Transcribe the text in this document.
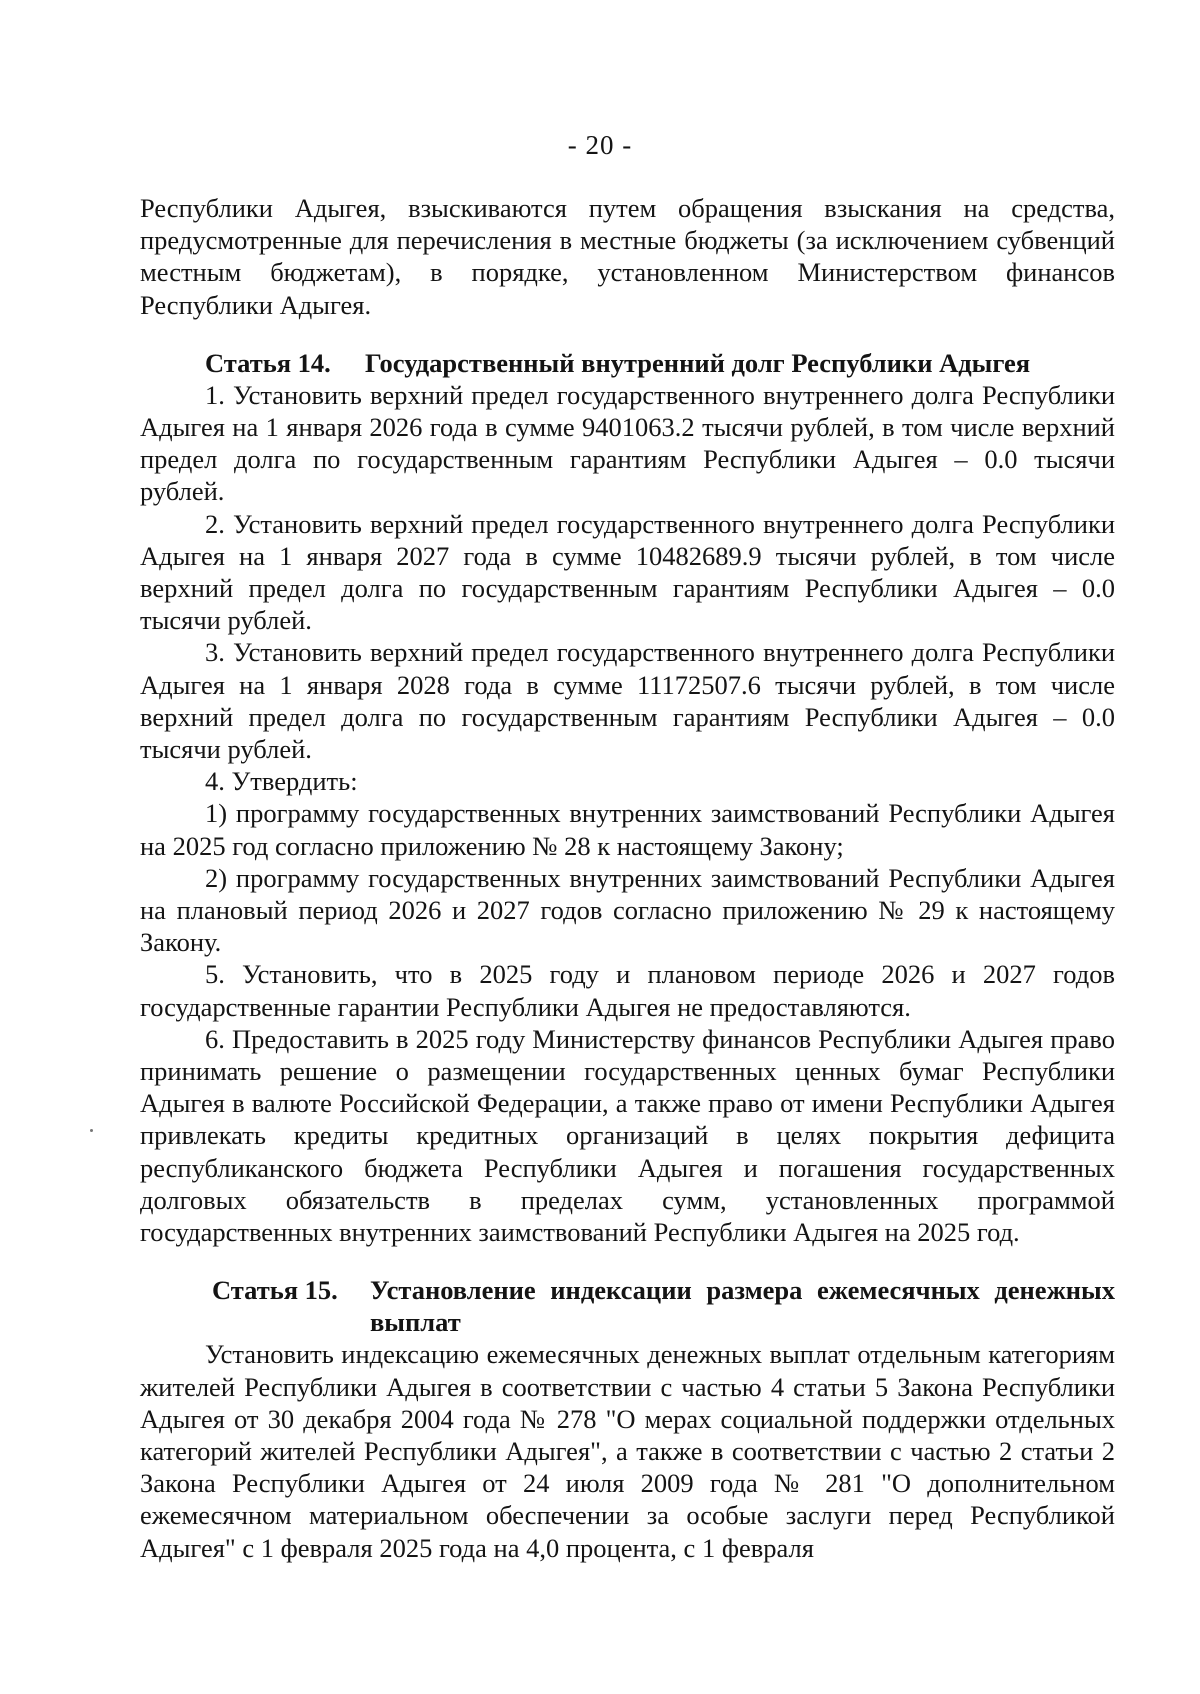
- 20 -

Республики Адыгея, взыскиваются путем обращения взыскания на средства, предусмотренные для перечисления в местные бюджеты (за исключением субвенций местным бюджетам), в порядке, установленном Министерством финансов Республики Адыгея.

Статья 14.	Государственный внутренний долг Республики Адыгея

1. Установить верхний предел государственного внутреннего долга Республики Адыгея на 1 января 2026 года в сумме 9401063.2 тысячи рублей, в том числе верхний предел долга по государственным гарантиям Республики Адыгея – 0.0 тысячи рублей.

2. Установить верхний предел государственного внутреннего долга Республики Адыгея на 1 января 2027 года в сумме 10482689.9 тысячи рублей, в том числе верхний предел долга по государственным гарантиям Республики Адыгея – 0.0 тысячи рублей.

3. Установить верхний предел государственного внутреннего долга Республики Адыгея на 1 января 2028 года в сумме 11172507.6 тысячи рублей, в том числе верхний предел долга по государственным гарантиям Республики Адыгея – 0.0 тысячи рублей.

4. Утвердить:

1) программу государственных внутренних заимствований Республики Адыгея на 2025 год согласно приложению № 28 к настоящему Закону;

2) программу государственных внутренних заимствований Республики Адыгея на плановый период 2026 и 2027 годов согласно приложению № 29 к настоящему Закону.

5. Установить, что в 2025 году и плановом периоде 2026 и 2027 годов государственные гарантии Республики Адыгея не предоставляются.

6. Предоставить в 2025 году Министерству финансов Республики Адыгея право принимать решение о размещении государственных ценных бумаг Республики Адыгея в валюте Российской Федерации, а также право от имени Республики Адыгея привлекать кредиты кредитных организаций в целях покрытия дефицита республиканского бюджета Республики Адыгея и погашения государственных долговых обязательств в пределах сумм, установленных программой государственных внутренних заимствований Республики Адыгея на 2025 год.

Статья 15.	Установление индексации размера ежемесячных денежных выплат

Установить индексацию ежемесячных денежных выплат отдельным категориям жителей Республики Адыгея в соответствии с частью 4 статьи 5 Закона Республики Адыгея от 30 декабря 2004 года № 278 "О мерах социальной поддержки отдельных категорий жителей Республики Адыгея", а также в соответствии с частью 2 статьи 2 Закона Республики Адыгея от 24 июля 2009 года № 281 "О дополнительном ежемесячном материальном обеспечении за особые заслуги перед Республикой Адыгея" с 1 февраля 2025 года на 4,0 процента, с 1 февраля
